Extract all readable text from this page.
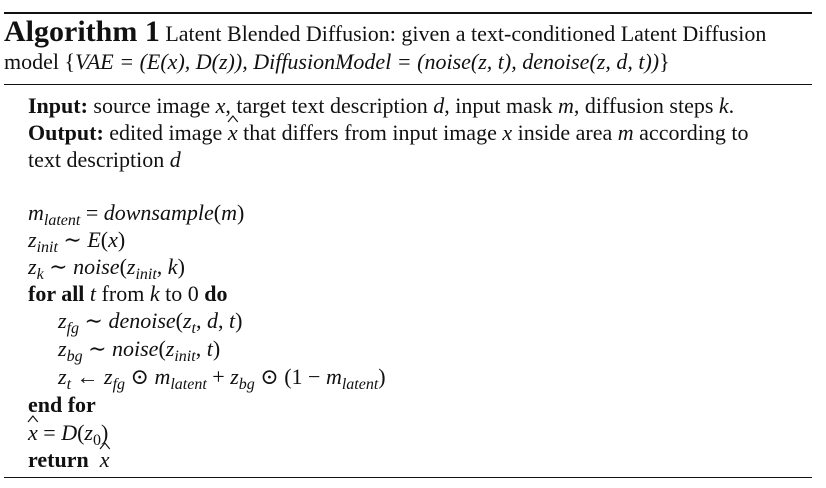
Algorithm 1 Latent Blended Diffusion: given a text-conditioned Latent Diffusion
model {VAE = (E(x), D(z)), DiffusionModel = (noise(z, t), denoise(z, d, t))}
Input: source image x, target text description d, input mask m, diffusion steps k.
Output: edited image x
that differs from input image x inside area m according to
text description d
$m_{latent}$ = downsample(m)
$z_{init}$ ∼ E(x)
$z_k$ ∼ $noise(z_{init}$, k)
for all t from k to 0 do
$z_{fg}$ ∼ $denoise(z_t$, d, t)
$z_{bg}$ ∼ $noise(z_{init}$, t)
$z_t$ ← $z_{fg}$ ⊙ $m_{latent} + z_{bg}$ ⊙ $(1 - m_{latent})$
end for
x
= $D(z_0)$
return x
